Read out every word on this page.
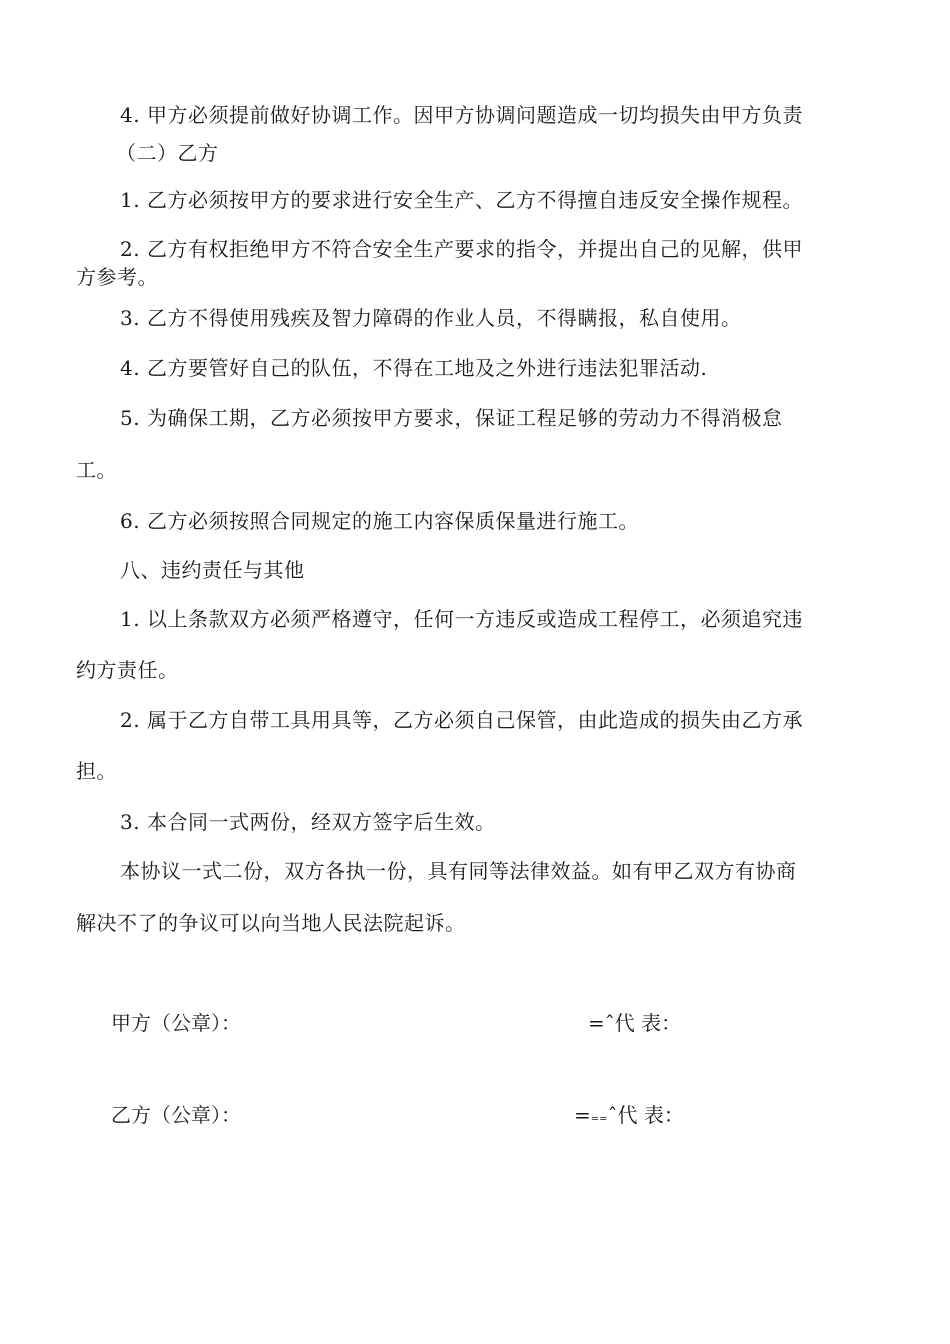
4. 甲方必须提前做好协调工作。因甲方协调问题造成一切均损失由甲方负责
（二）乙方
1. 乙方必须按甲方的要求进行安全生产、乙方不得擅自违反安全操作规程。
2. 乙方有权拒绝甲方不符合安全生产要求的指令，并提出自己的见解，供甲
方参考。
3. 乙方不得使用残疾及智力障碍的作业人员，不得瞒报，私自使用。
4. 乙方要管好自己的队伍，不得在工地及之外进行违法犯罪活动.
5. 为确保工期，乙方必须按甲方要求，保证工程足够的劳动力不得消极怠
工。
6. 乙方必须按照合同规定的施工内容保质保量进行施工。
八、违约责任与其他
1. 以上条款双方必须严格遵守，任何一方违反或造成工程停工，必须追究违
约方责任。
2. 属于乙方自带工具用具等，乙方必须自己保管，由此造成的损失由乙方承
担。
3. 本合同一式两份，经双方签字后生效。
本协议一式二份，双方各执一份，具有同等法律效益。如有甲乙双方有协商
解决不了的争议可以向当地人民法院起诉。
甲方（公章）：	=ˆ代 表：
乙方（公章）：	===ˆ代 表：
